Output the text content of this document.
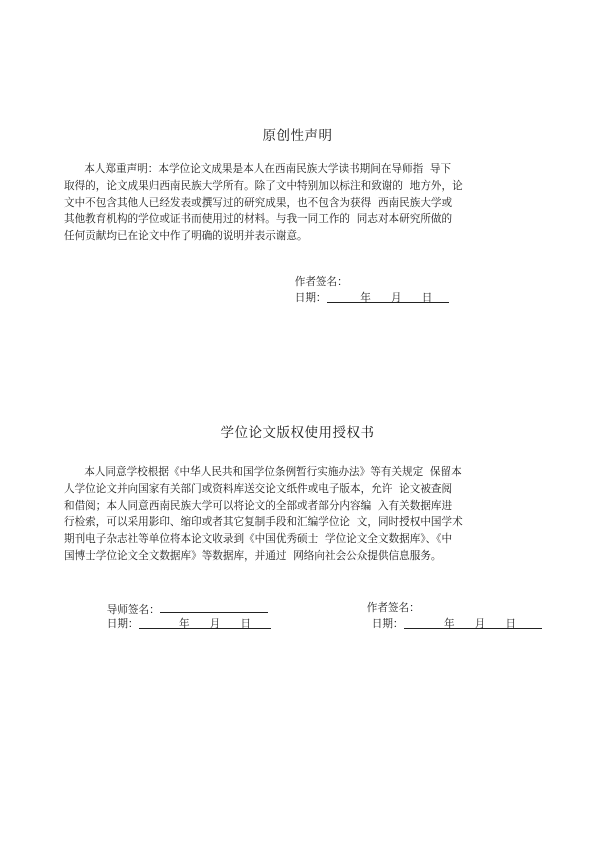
原创性声明
本人郑重声明：本学位论文成果是本人在西南民族大学读书期间在导师指  导下
取得的，论文成果归西南民族大学所有。除了文中特别加以标注和致谢的  地方外，论
文中不包含其他人已经发表或撰写过的研究成果，也不包含为获得  西南民族大学或
其他教育机构的学位或证书而使用过的材料。与我一同工作的  同志对本研究所做的
任何贡献均已在论文中作了明确的说明并表示谢意。

作者签名：

日期：          年      月      日

学位论文版权使用授权书
本人同意学校根据《中华人民共和国学位条例暂行实施办法》等有关规定  保留本
人学位论文并向国家有关部门或资料库送交论文纸件或电子版本，允许  论文被查阅
和借阅；本人同意西南民族大学可以将论文的全部或者部分内容编  入有关数据库进
行检索，可以采用影印、缩印或者其它复制手段和汇编学位论  文，同时授权中国学术
期刊电子杂志社等单位将本论文收录到《中国优秀硕士  学位论文全文数据库》、《中
国博士学位论文全文数据库》等数据库，并通过  网络向社会公众提供信息服务。

导师签名：

日期：            年      月      日

作者签名：

日期：            年      月      日
